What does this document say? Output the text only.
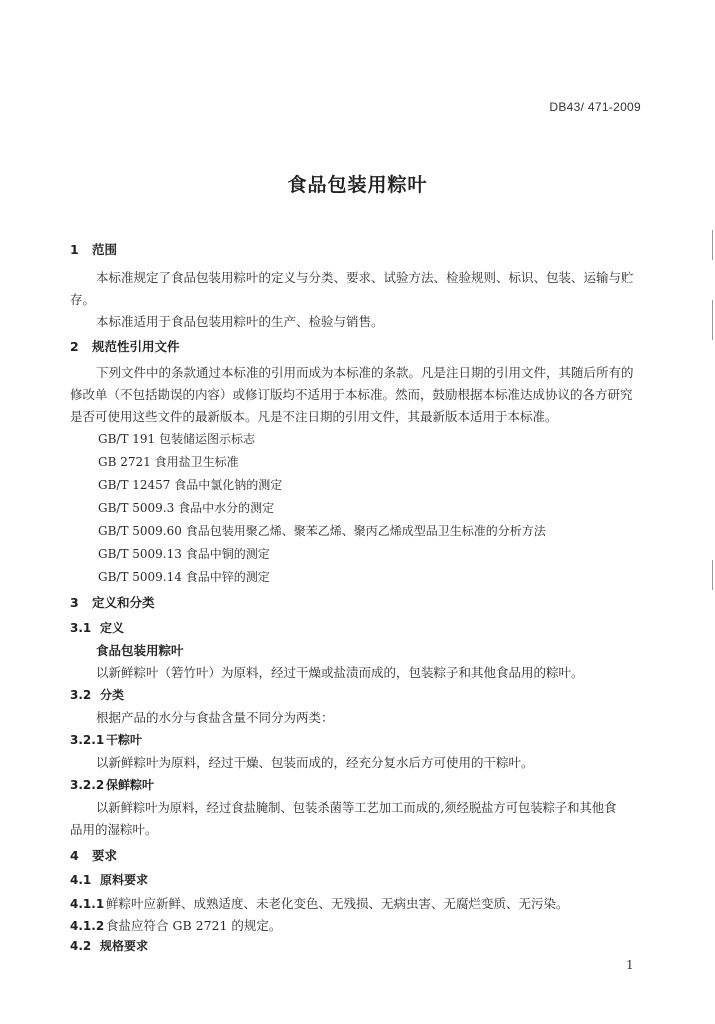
DB43/ 471-2009
食品包装用粽叶
1 范围
本标准规定了食品包装用粽叶的定义与分类、要求、试验方法、检验规则、标识、包装、运输与贮
存。
本标准适用于食品包装用粽叶的生产、检验与销售。
2 规范性引用文件
下列文件中的条款通过本标准的引用而成为本标准的条款。凡是注日期的引用文件，其随后所有的
修改单（不包括勘误的内容）或修订版均不适用于本标准。然而，鼓励根据本标准达成协议的各方研究
是否可使用这些文件的最新版本。凡是不注日期的引用文件，其最新版本适用于本标准。
GB/T 191 包装储运图示标志
GB 2721 食用盐卫生标准
GB/T 12457 食品中氯化钠的测定
GB/T 5009.3 食品中水分的测定
GB/T 5009.60 食品包装用聚乙烯、聚苯乙烯、聚丙乙烯成型品卫生标准的分析方法
GB/T 5009.13 食品中铜的测定
GB/T 5009.14 食品中锌的测定
3 定义和分类
3.1 定义
食品包装用粽叶
以新鲜粽叶（箬竹叶）为原料，经过干燥或盐渍而成的，包装粽子和其他食品用的粽叶。
3.2 分类
根据产品的水分与食盐含量不同分为两类：
3.2.1 干粽叶
以新鲜粽叶为原料，经过干燥、包装而成的，经充分复水后方可使用的干粽叶。
3.2.2 保鲜粽叶
以新鲜粽叶为原料，经过食盐腌制、包装杀菌等工艺加工而成的,须经脱盐方可包装粽子和其他食
品用的湿粽叶。
4 要求
4.1 原料要求
4.1.1 鲜粽叶应新鲜、成熟适度、未老化变色、无残损、无病虫害、无腐烂变质、无污染。
4.1.2 食盐应符合 GB 2721 的规定。
4.2 规格要求
1
